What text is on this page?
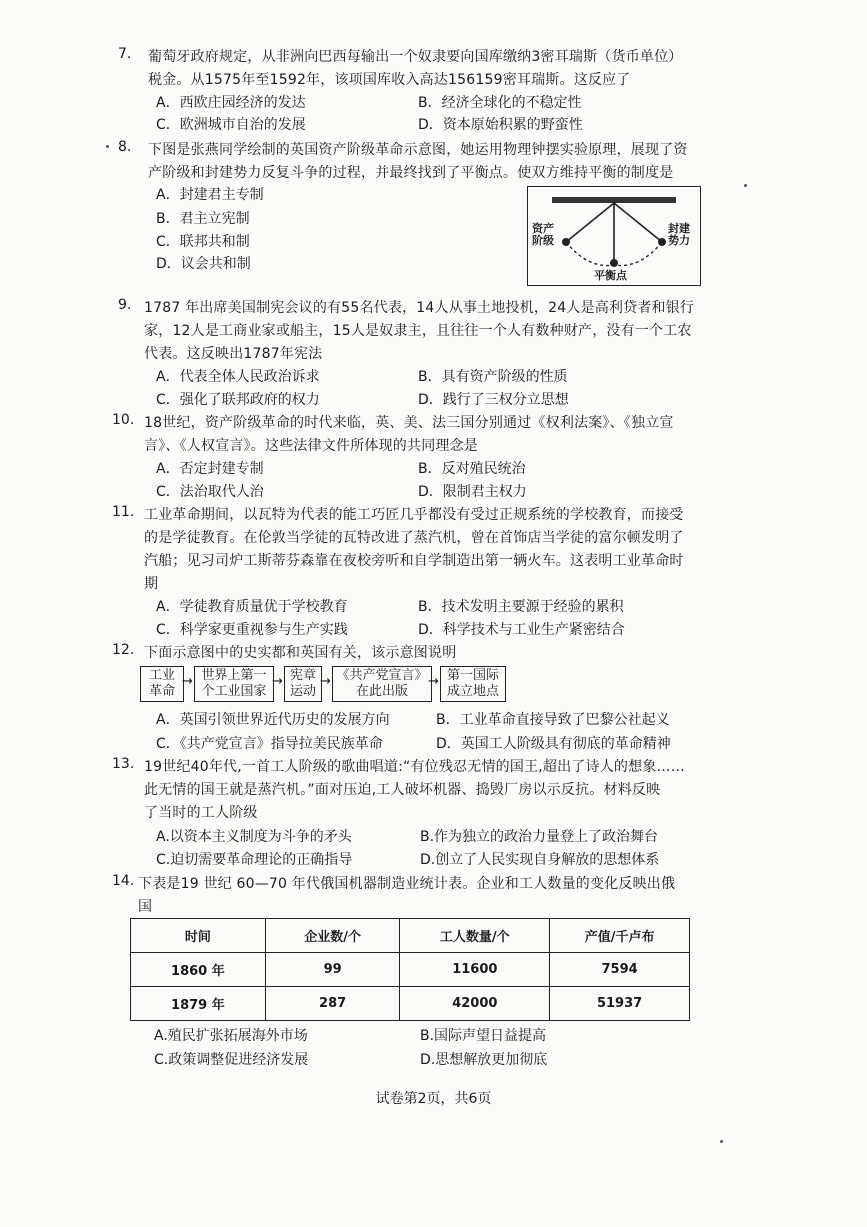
7. 葡萄牙政府规定，从非洲向巴西每输出一个奴隶要向国库缴纳3密耳瑞斯（货币单位）
税金。从1575年至1592年，该项国库收入高达156159密耳瑞斯。这反应了
A．西欧庄园经济的发达	B．经济全球化的不稳定性
C．欧洲城市自治的发展	D．资本原始积累的野蛮性
8. 下图是张燕同学绘制的英国资产阶级革命示意图，她运用物理钟摆实验原理，展现了资
产阶级和封建势力反复斗争的过程，并最终找到了平衡点。使双方维持平衡的制度是
A．封建君主专制
B．君主立宪制
C．联邦共和制
D．议会共和制
资产
阶级
封建
势力
平衡点
9. 1787 年出席美国制宪会议的有55名代表，14人从事土地投机，24人是高利贷者和银行
家，12人是工商业家或船主，15人是奴隶主，且往往一个人有数种财产，没有一个工农
代表。这反映出1787年宪法
A．代表全体人民政治诉求	B．具有资产阶级的性质
C．强化了联邦政府的权力	D．践行了三权分立思想
10. 18世纪，资产阶级革命的时代来临，英、美、法三国分别通过《权利法案》、《独立宣
言》、《人权宣言》。这些法律文件所体现的共同理念是
A．否定封建专制	B．反对殖民统治
C．法治取代人治	D．限制君主权力
11. 工业革命期间，以瓦特为代表的能工巧匠几乎都没有受过正规系统的学校教育，而接受
的是学徒教育。在伦敦当学徒的瓦特改进了蒸汽机，曾在首饰店当学徒的富尔顿发明了
汽船；见习司炉工斯蒂芬森靠在夜校旁听和自学制造出第一辆火车。这表明工业革命时
期
A．学徒教育质量优于学校教育	B．技术发明主要源于经验的累积
C．科学家更重视参与生产实践	D．科学技术与工业生产紧密结合
12. 下面示意图中的史实都和英国有关，该示意图说明
工业
革命
→ 世界上第一
个工业国家
→ 宪章
运动
→ 《共产党宣言》
在此出版
→ 第一国际
成立地点
A．英国引领世界近代历史的发展方向	B．工业革命直接导致了巴黎公社起义
C．《共产党宣言》指导拉美民族革命	D．英国工人阶级具有彻底的革命精神
13. 19世纪40年代,一首工人阶级的歌曲唱道:“有位残忍无情的国王,超出了诗人的想象……
此无情的国王就是蒸汽机。”面对压迫,工人破坏机器、捣毁厂房以示反抗。材料反映
了当时的工人阶级
A.以资本主义制度为斗争的矛头	B.作为独立的政治力量登上了政治舞台
C.迫切需要革命理论的正确指导	D.创立了人民实现自身解放的思想体系
14. 下表是19 世纪 60—70 年代俄国机器制造业统计表。企业和工人数量的变化反映出俄
国
时间	企业数/个	工人数量/个	产值/千卢布
1860 年	99	11600	7594
1879 年	287	42000	51937
A.殖民扩张拓展海外市场	B.国际声望日益提高
C.政策调整促进经济发展	D.思想解放更加彻底
试卷第2页，共6页
